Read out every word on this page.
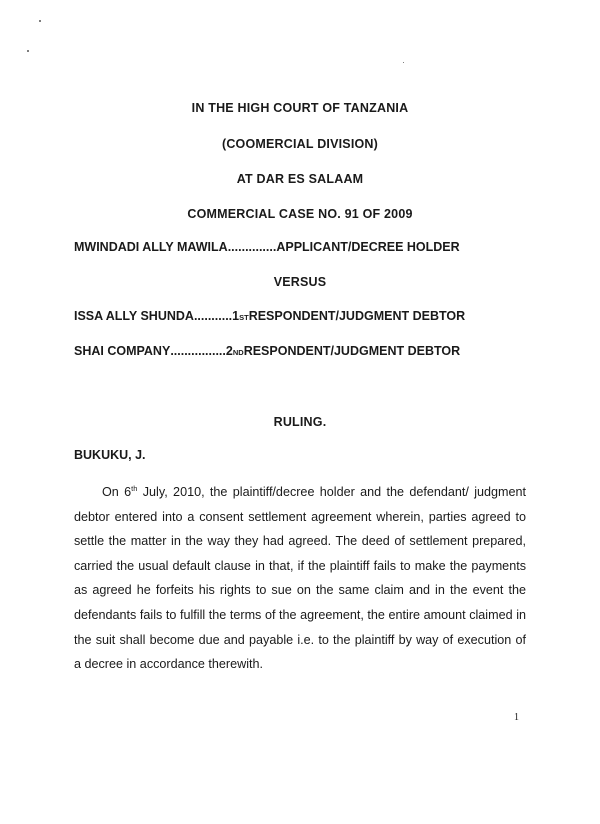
IN THE HIGH COURT OF TANZANIA
(COOMERCIAL DIVISION)
AT DAR ES SALAAM
COMMERCIAL CASE NO. 91 OF 2009
MWINDADI ALLY MAWILA .............. APPLICANT/DECREE HOLDER
VERSUS
ISSA ALLY SHUNDA ........... 1 ST RESPONDENT/JUDGMENT DEBTOR
SHAI COMPANY ................ 2 ND RESPONDENT/JUDGMENT DEBTOR
RULING.
BUKUKU, J.

On 6th July, 2010, the plaintiff/decree holder and the defendant/ judgment debtor entered into a consent settlement agreement wherein, parties agreed to settle the matter in the way they had agreed. The deed of settlement prepared, carried the usual default clause in that, if the plaintiff fails to make the payments as agreed he forfeits his rights to sue on the same claim and in the event the defendants fails to fulfill the terms of the agreement, the entire amount claimed in the suit shall become due and payable i.e. to the plaintiff by way of execution of a decree in accordance therewith.

1
